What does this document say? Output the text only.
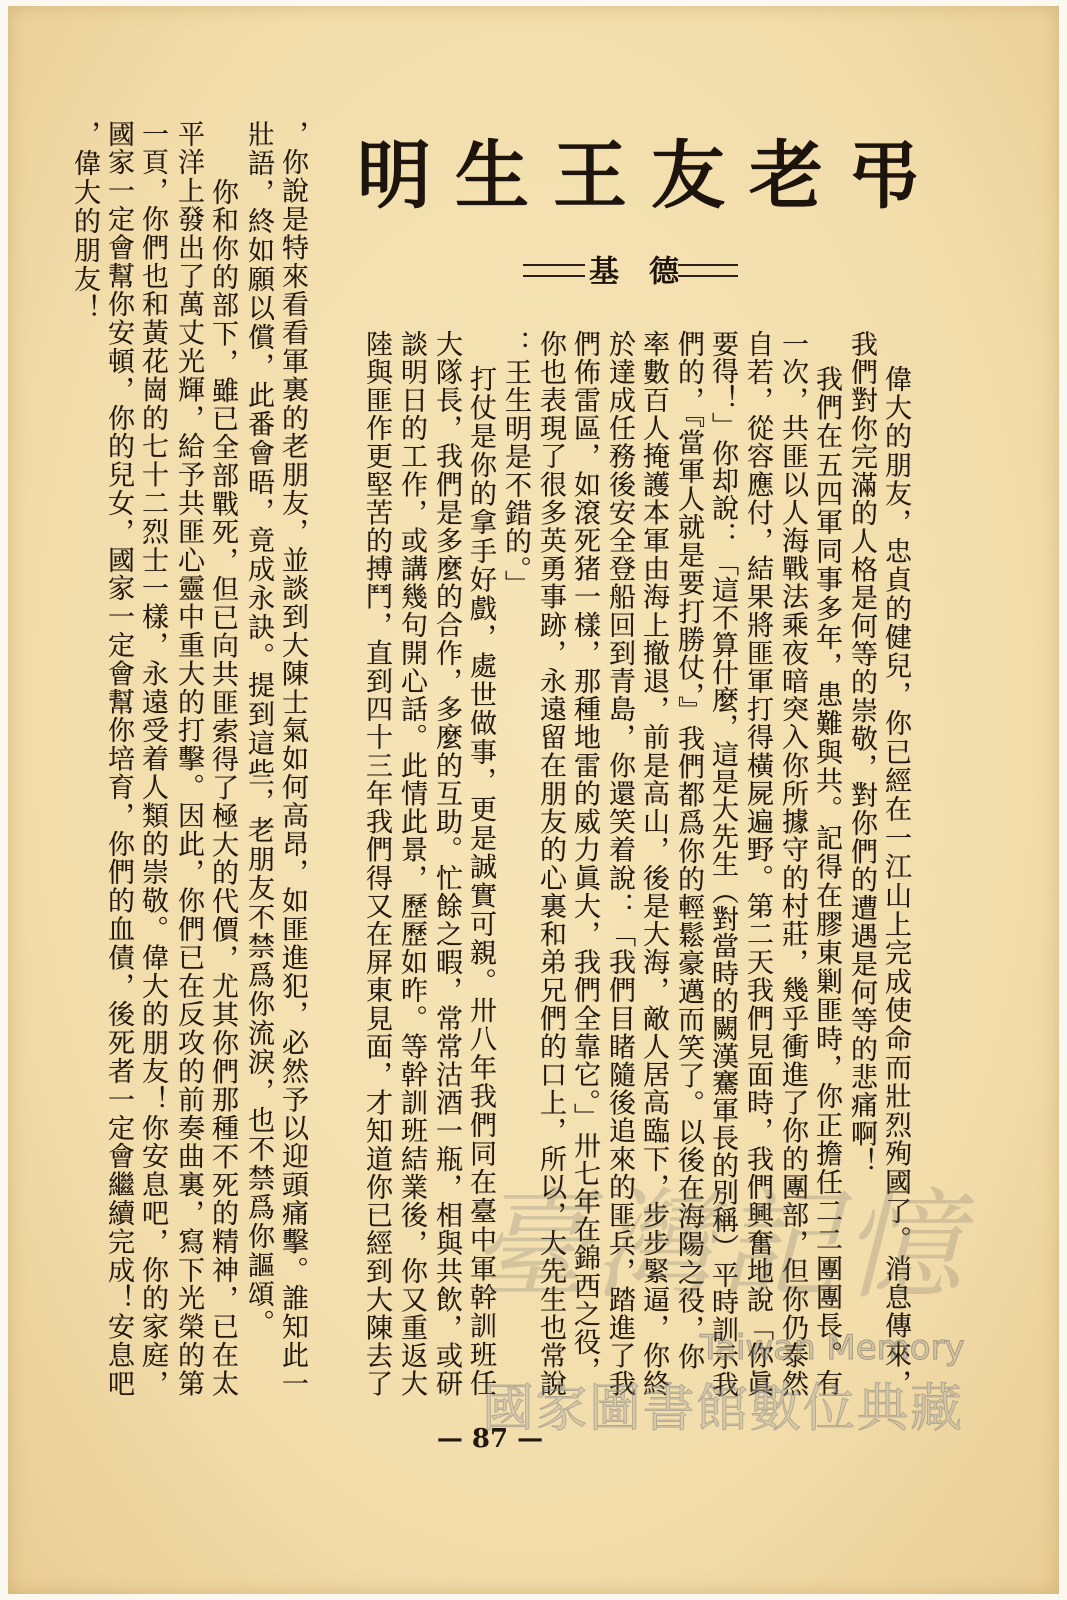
弔老友王生明
德基
偉大的朋友，忠貞的健兒，你已經在一江山上完成使命而壯烈殉國了。消息傳來，
我們對你完滿的人格是何等的崇敬，對你們的遭遇是何等的悲痛啊！
我們在五四軍同事多年，患難與共。記得在膠東剿匪時，你正擔任二二團團長。有
一次，共匪以人海戰法乘夜暗突入你所據守的村莊，幾乎衝進了你的團部，但你仍泰然
自若，從容應付，結果將匪軍打得橫屍遍野。第二天我們見面時，我們興奮地說「你眞
要得！」你却說：「這不算什麼，這是大先生（對當時的闕漢騫軍長的別稱）平時訓示我
們的，『當軍人就是要打勝仗，』我們都爲你的輕鬆豪邁而笑了。以後在海陽之役，你
率數百人掩護本軍由海上撤退，前是高山，後是大海，敵人居高臨下，步步緊逼，你終
於達成任務後安全登船回到青島，你還笑着說：「我們目睹隨後追來的匪兵，踏進了我
們佈雷區，如滾死猪一樣，那種地雷的威力眞大，我們全靠它。」卅七年在錦西之役，
你也表現了很多英勇事跡，永遠留在朋友的心裏和弟兄們的口上，所以，大先生也常說
：王生明是不錯的。」
打仗是你的拿手好戲，處世做事，更是誠實可親。卅八年我們同在臺中軍幹訓班任
大隊長，我們是多麼的合作，多麼的互助。忙餘之暇，常常沽酒一瓶，相與共飲，或研
談明日的工作，或講幾句開心話。此情此景，歷歷如昨。等幹訓班結業後，你又重返大
陸與匪作更堅苦的搏鬥，直到四十三年我們得又在屏東見面，才知道你已經到大陳去了
，你說是特來看看軍裏的老朋友，並談到大陳士氣如何高昂，如匪進犯，必然予以迎頭痛擊。誰知此一
壯語，終如願以償，此番會晤，竟成永訣。提到這些，老朋友不禁爲你流淚，也不禁爲你謳頌。
你和你的部下，雖已全部戰死，但已向共匪索得了極大的代價，尤其你們那種不死的精神，已在太
平洋上發出了萬丈光輝，給予共匪心靈中重大的打擊。因此，你們已在反攻的前奏曲裏，寫下光榮的第
一頁，你們也和黃花崗的七十二烈士一樣，永遠受着人類的崇敬。偉大的朋友！你安息吧，你的家庭，
國家一定會幫你安頓，你的兒女，國家一定會幫你培育，你們的血債，後死者一定會繼續完成！安息吧
，偉大的朋友！
— 87 —
臺灣記憶
Taiwan Memory
國家圖書館數位典藏
